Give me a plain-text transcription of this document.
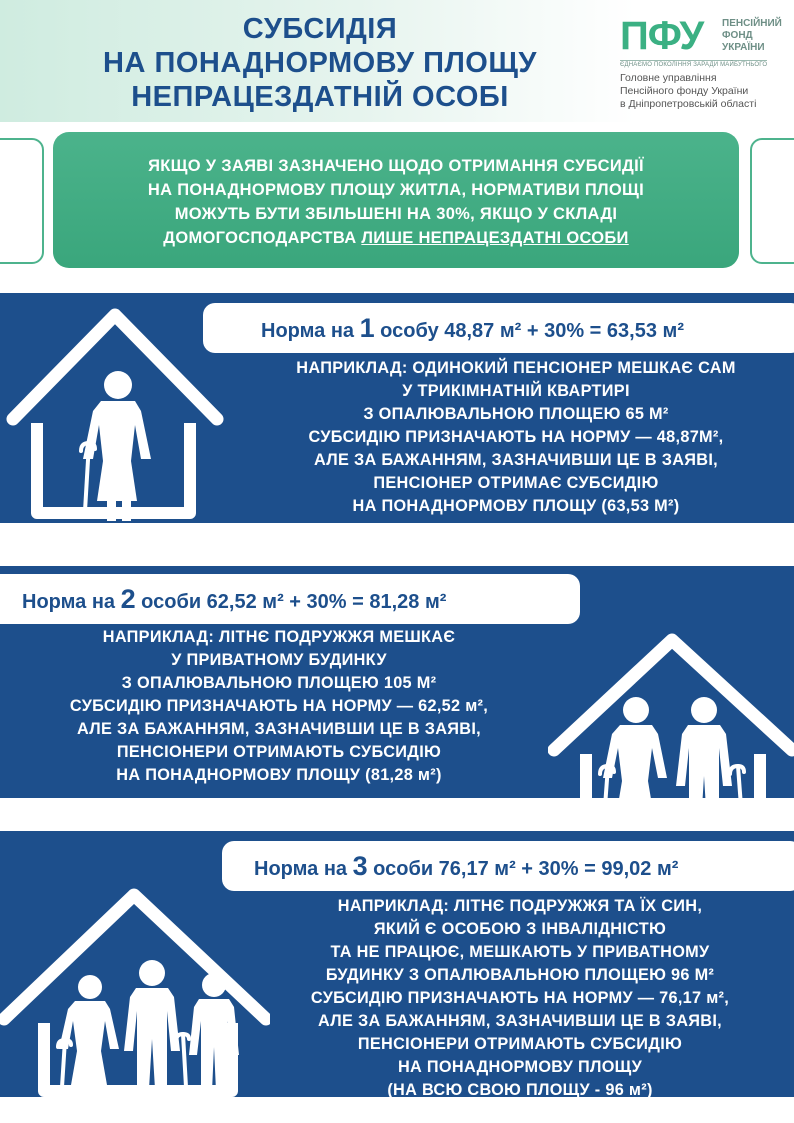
СУБСИДІЯ
НА ПОНАДНОРМОВУ ПЛОЩУ
НЕПРАЦЕЗДАТНІЙ ОСОБІ
ПФУ ПЕНСІЙНИЙ
ФОНД
УКРАЇНИ
ЄДНАЄМО ПОКОЛІННЯ ЗАРАДИ МАЙБУТНЬОГО
Головне управління
Пенсійного фонду України
в Дніпропетровській області
ЯКЩО У ЗАЯВІ ЗАЗНАЧЕНО ЩОДО ОТРИМАННЯ СУБСИДІЇ
НА ПОНАДНОРМОВУ ПЛОЩУ ЖИТЛА, НОРМАТИВИ ПЛОЩІ
МОЖУТЬ БУТИ ЗБІЛЬШЕНІ НА 30%, ЯКЩО У СКЛАДІ
ДОМОГОСПОДАРСТВА ЛИШЕ НЕПРАЦЕЗДАТНІ ОСОБИ
Норма на 1 особу 48,87 м² + 30% = 63,53 м²
НАПРИКЛАД: ОДИНОКИЙ ПЕНСІОНЕР МЕШКАЄ САМ
У ТРИКІМНАТНІЙ КВАРТИРІ
З ОПАЛЮВАЛЬНОЮ ПЛОЩЕЮ 65 М²
СУБСИДІЮ ПРИЗНАЧАЮТЬ НА НОРМУ — 48,87М²,
АЛЕ ЗА БАЖАННЯМ, ЗАЗНАЧИВШИ ЦЕ В ЗАЯВІ,
ПЕНСІОНЕР ОТРИМАЄ СУБСИДІЮ
НА ПОНАДНОРМОВУ ПЛОЩУ (63,53 М²)
Норма на 2 особи 62,52 м² + 30% = 81,28 м²
НАПРИКЛАД: ЛІТНЄ ПОДРУЖЖЯ МЕШКАЄ
У ПРИВАТНОМУ БУДИНКУ
З ОПАЛЮВАЛЬНОЮ ПЛОЩЕЮ 105 М²
СУБСИДІЮ ПРИЗНАЧАЮТЬ НА НОРМУ — 62,52 м²,
АЛЕ ЗА БАЖАННЯМ, ЗАЗНАЧИВШИ ЦЕ В ЗАЯВІ,
ПЕНСІОНЕРИ ОТРИМАЮТЬ СУБСИДІЮ
НА ПОНАДНОРМОВУ ПЛОЩУ (81,28 м²)
Норма на 3 особи 76,17 м² + 30% = 99,02 м²
НАПРИКЛАД: ЛІТНЄ ПОДРУЖЖЯ ТА ЇХ СИН,
ЯКИЙ Є ОСОБОЮ З ІНВАЛІДНІСТЮ
ТА НЕ ПРАЦЮЄ, МЕШКАЮТЬ У ПРИВАТНОМУ
БУДИНКУ З ОПАЛЮВАЛЬНОЮ ПЛОЩЕЮ 96 М²
СУБСИДІЮ ПРИЗНАЧАЮТЬ НА НОРМУ — 76,17 м²,
АЛЕ ЗА БАЖАННЯМ, ЗАЗНАЧИВШИ ЦЕ В ЗАЯВІ,
ПЕНСІОНЕРИ ОТРИМАЮТЬ СУБСИДІЮ
НА ПОНАДНОРМОВУ ПЛОЩУ
(НА ВСЮ СВОЮ ПЛОЩУ - 96 м²)
